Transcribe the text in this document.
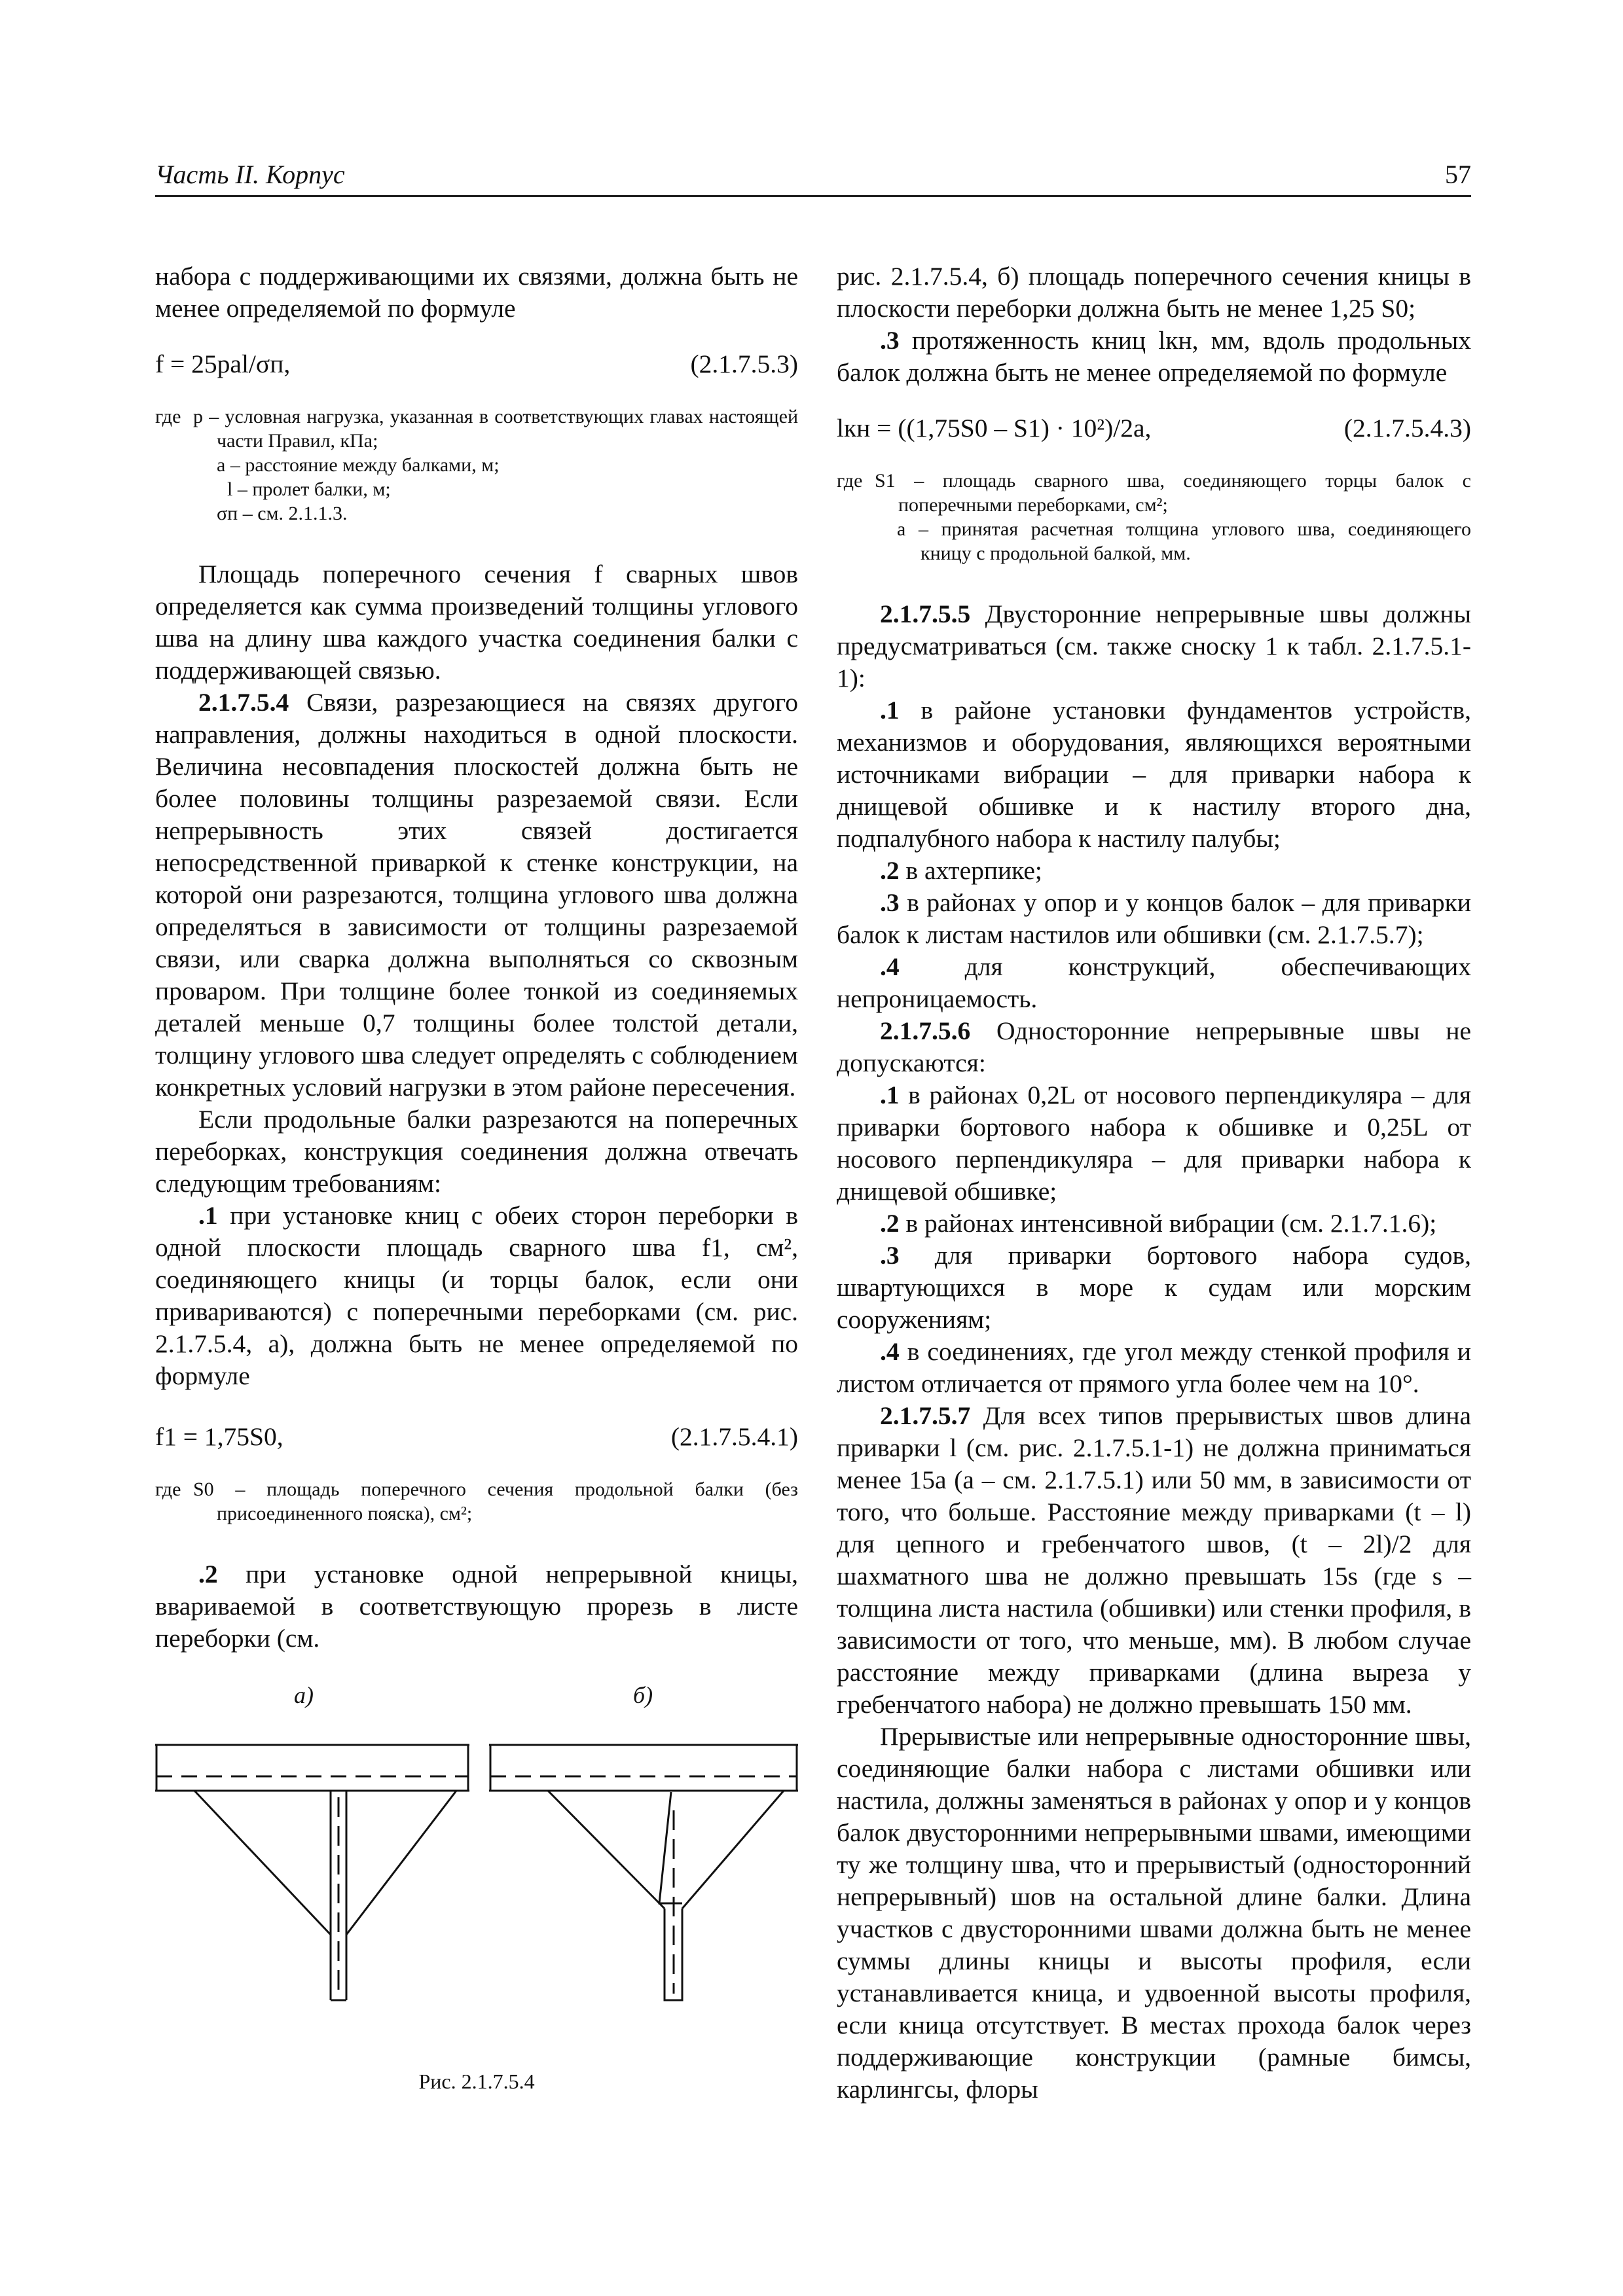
Часть II. Корпус	57

набора с поддерживающими их связями, должна быть не менее определяемой по формуле

f = 25pal/σп,	(2.1.7.5.3)
где p – условная нагрузка, указанная в соответствующих главах настоящей части Правил, кПа;
a – расстояние между балками, м;
l – пролет балки, м;
σп – см. 2.1.1.3.

Площадь поперечного сечения f сварных швов определяется как сумма произведений толщины углового шва на длину шва каждого участка соединения балки с поддерживающей связью.

2.1.7.5.4 Связи, разрезающиеся на связях другого направления, должны находиться в одной плоскости. Величина несовпадения плоскостей должна быть не более половины толщины разрезаемой связи. Если непрерывность этих связей достигается непосредственной приваркой к стенке конструкции, на которой они разрезаются, толщина углового шва должна определяться в зависимости от толщины разрезаемой связи, или сварка должна выполняться со сквозным проваром. При толщине более тонкой из соединяемых деталей меньше 0,7 толщины более толстой детали, толщину углового шва следует определять с соблюдением конкретных условий нагрузки в этом районе пересечения.

Если продольные балки разрезаются на поперечных переборках, конструкция соединения должна отвечать следующим требованиям:

.1 при установке книц с обеих сторон переборки в одной плоскости площадь сварного шва f1, см², соединяющего кницы (и торцы балок, если они привариваются) с поперечными переборками (см. рис. 2.1.7.5.4, а), должна быть не менее определяемой по формуле

f1 = 1,75S0,	(2.1.7.5.4.1)
где S0 – площадь поперечного сечения продольной балки (без присоединенного пояска), см²;

.2 при установке одной непрерывной кницы, ввариваемой в соответствующую прорезь в листе переборки (см.

а)	б)
Рис. 2.1.7.5.4

рис. 2.1.7.5.4, б) площадь поперечного сечения кницы в плоскости переборки должна быть не менее 1,25 S0;

.3 протяженность книц lкн, мм, вдоль продольных балок должна быть не менее определяемой по формуле

lкн = ((1,75S0 – S1) · 10²)/2a,	(2.1.7.5.4.3)
где S1 – площадь сварного шва, соединяющего торцы балок с поперечными переборками, см²;
a – принятая расчетная толщина углового шва, соединяющего кницу с продольной балкой, мм.

2.1.7.5.5 Двусторонние непрерывные швы должны предусматриваться (см. также сноску 1 к табл. 2.1.7.5.1-1):

.1 в районе установки фундаментов устройств, механизмов и оборудования, являющихся вероятными источниками вибрации – для приварки набора к днищевой обшивке и к настилу второго дна, подпалубного набора к настилу палубы;

.2 в ахтерпике;

.3 в районах у опор и у концов балок – для приварки балок к листам настилов или обшивки (см. 2.1.7.5.7);

.4 для конструкций, обеспечивающих непроницаемость.

2.1.7.5.6 Односторонние непрерывные швы не допускаются:

.1 в районах 0,2L от носового перпендикуляра – для приварки бортового набора к обшивке и 0,25L от носового перпендикуляра – для приварки набора к днищевой обшивке;

.2 в районах интенсивной вибрации (см. 2.1.7.1.6);

.3 для приварки бортового набора судов, швартующихся в море к судам или морским сооружениям;

.4 в соединениях, где угол между стенкой профиля и листом отличается от прямого угла более чем на 10°.

2.1.7.5.7 Для всех типов прерывистых швов длина приварки l (см. рис. 2.1.7.5.1-1) не должна приниматься менее 15a (a – см. 2.1.7.5.1) или 50 мм, в зависимости от того, что больше. Расстояние между приварками (t – l) для цепного и гребенчатого швов, (t – 2l)/2 для шахматного шва не должно превышать 15s (где s – толщина листа настила (обшивки) или стенки профиля, в зависимости от того, что меньше, мм). В любом случае расстояние между приварками (длина выреза у гребенчатого набора) не должно превышать 150 мм.

Прерывистые или непрерывные односторонние швы, соединяющие балки набора с листами обшивки или настила, должны заменяться в районах у опор и у концов балок двусторонними непрерывными швами, имеющими ту же толщину шва, что и прерывистый (односторонний непрерывный) шов на остальной длине балки. Длина участков с двусторонними швами должна быть не менее суммы длины кницы и высоты профиля, если устанавливается кница, и удвоенной высоты профиля, если кница отсутствует. В местах прохода балок через поддерживающие конструкции (рамные бимсы, карлингсы, флоры
